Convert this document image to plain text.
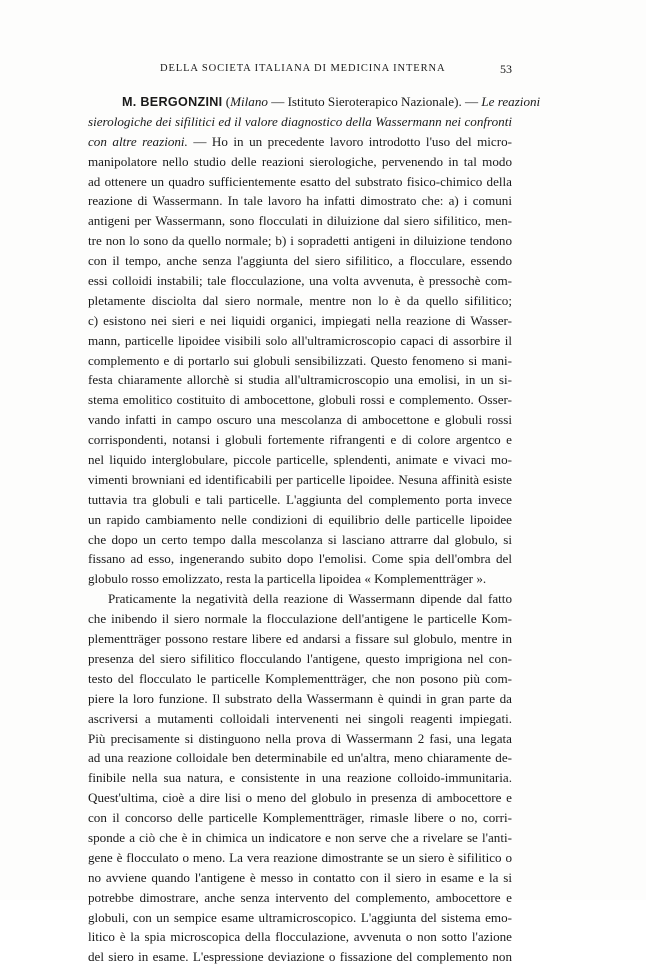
DELLA SOCIETA ITALIANA DI MEDICINA INTERNA	53
M. BERGONZINI (Milano — Istituto Sieroterapico Nazionale). — Le reazioni
sierologiche dei sifilitici ed il valore diagnostico della Wassermann nei confronti
con altre reazioni. — Ho in un precedente lavoro introdotto l'uso del micro-
manipolatore nello studio delle reazioni sierologiche, pervenendo in tal modo
ad ottenere un quadro sufficientemente esatto del substrato fisico-chimico della
reazione di Wassermann. In tale lavoro ha infatti dimostrato che: a) i comuni
antigeni per Wassermann, sono flocculati in diluizione dal siero sifilitico, men-
tre non lo sono da quello normale; b) i sopradetti antigeni in diluizione tendono
con il tempo, anche senza l'aggiunta del siero sifilitico, a flocculare, essendo
essi colloidi instabili; tale flocculazione, una volta avvenuta, è pressochè com-
pletamente disciolta dal siero normale, mentre non lo è da quello sifilitico;
c) esistono nei sieri e nei liquidi organici, impiegati nella reazione di Wasser-
mann, particelle lipoidee visibili solo all'ultramicroscopio capaci di assorbire il
complemento e di portarlo sui globuli sensibilizzati. Questo fenomeno si mani-
festa chiaramente allorchè si studia all'ultramicroscopio una emolisi, in un si-
stema emolitico costituito di ambocettone, globuli rossi e complemento. Osser-
vando infatti in campo oscuro una mescolanza di ambocettone e globuli rossi
corrispondenti, notansi i globuli fortemente rifrangenti e di colore argentco e
nel liquido interglobulare, piccole particelle, splendenti, animate e vivaci mo-
vimenti browniani ed identificabili per particelle lipoidee. Nesuna affinità esiste
tuttavia tra globuli e tali particelle. L'aggiunta del complemento porta invece
un rapido cambiamento nelle condizioni di equilibrio delle particelle lipoidee
che dopo un certo tempo dalla mescolanza si lasciano attrarre dal globulo, si
fissano ad esso, ingenerando subito dopo l'emolisi. Come spia dell'ombra del
globulo rosso emolizzato, resta la particella lipoidea « Komplementträger ».
Praticamente la negatività della reazione di Wassermann dipende dal fatto
che inibendo il siero normale la flocculazione dell'antigene le particelle Kom-
plementträger possono restare libere ed andarsi a fissare sul globulo, mentre in
presenza del siero sifilitico flocculando l'antigene, questo imprigiona nel con-
testo del flocculato le particelle Komplementträger, che non posono più com-
piere la loro funzione. Il substrato della Wassermann è quindi in gran parte da
ascriversi a mutamenti colloidali intervenenti nei singoli reagenti impiegati.
Più precisamente si distinguono nella prova di Wassermann 2 fasi, una legata
ad una reazione colloidale ben determinabile ed un'altra, meno chiaramente de-
finibile nella sua natura, e consistente in una reazione colloido-immunitaria.
Quest'ultima, cioè a dire lisi o meno del globulo in presenza di ambocettore e
con il concorso delle particelle Komplementträger, rimasle libere o no, corri-
sponde a ciò che è in chimica un indicatore e non serve che a rivelare se l'anti-
gene è flocculato o meno. La vera reazione dimostrante se un siero è sifilitico o
no avviene quando l'antigene è messo in contatto con il siero in esame e la si
potrebbe dimostrare, anche senza intervento del complemento, ambocettore e
globuli, con un sempice esame ultramicroscopico. L'aggiunta del sistema emo-
litico è la spia microscopica della flocculazione, avvenuta o non sotto l'azione
del siero in esame. L'espressione deviazione o fissazione del complemento non
